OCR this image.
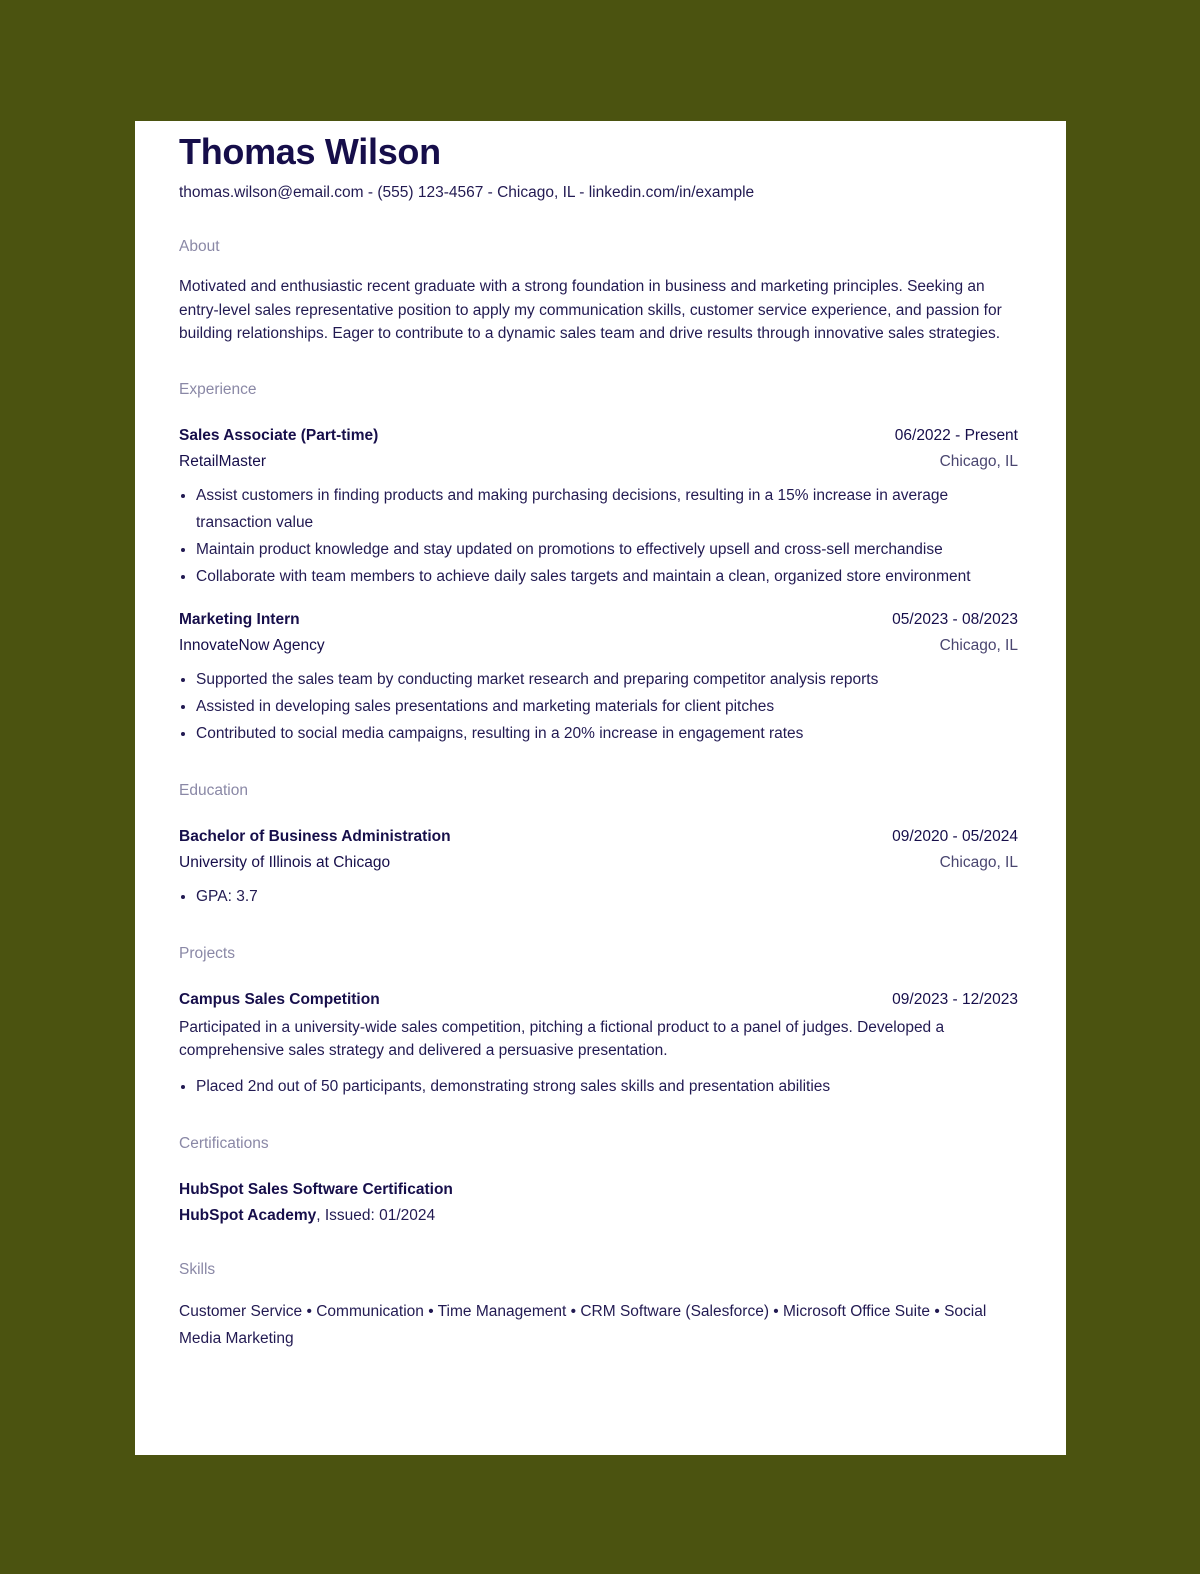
Thomas Wilson
thomas.wilson@email.com - (555) 123-4567 - Chicago, IL - linkedin.com/in/example
About
Motivated and enthusiastic recent graduate with a strong foundation in business and marketing principles. Seeking an entry-level sales representative position to apply my communication skills, customer service experience, and passion for building relationships. Eager to contribute to a dynamic sales team and drive results through innovative sales strategies.
Experience
Sales Associate (Part-time)	06/2022 - Present
RetailMaster	Chicago, IL
• Assist customers in finding products and making purchasing decisions, resulting in a 15% increase in average transaction value
• Maintain product knowledge and stay updated on promotions to effectively upsell and cross-sell merchandise
• Collaborate with team members to achieve daily sales targets and maintain a clean, organized store environment
Marketing Intern	05/2023 - 08/2023
InnovateNow Agency	Chicago, IL
• Supported the sales team by conducting market research and preparing competitor analysis reports
• Assisted in developing sales presentations and marketing materials for client pitches
• Contributed to social media campaigns, resulting in a 20% increase in engagement rates
Education
Bachelor of Business Administration	09/2020 - 05/2024
University of Illinois at Chicago	Chicago, IL
• GPA: 3.7
Projects
Campus Sales Competition	09/2023 - 12/2023
Participated in a university-wide sales competition, pitching a fictional product to a panel of judges. Developed a comprehensive sales strategy and delivered a persuasive presentation.
• Placed 2nd out of 50 participants, demonstrating strong sales skills and presentation abilities
Certifications
HubSpot Sales Software Certification
HubSpot Academy, Issued: 01/2024
Skills
Customer Service • Communication • Time Management • CRM Software (Salesforce) • Microsoft Office Suite • Social Media Marketing
